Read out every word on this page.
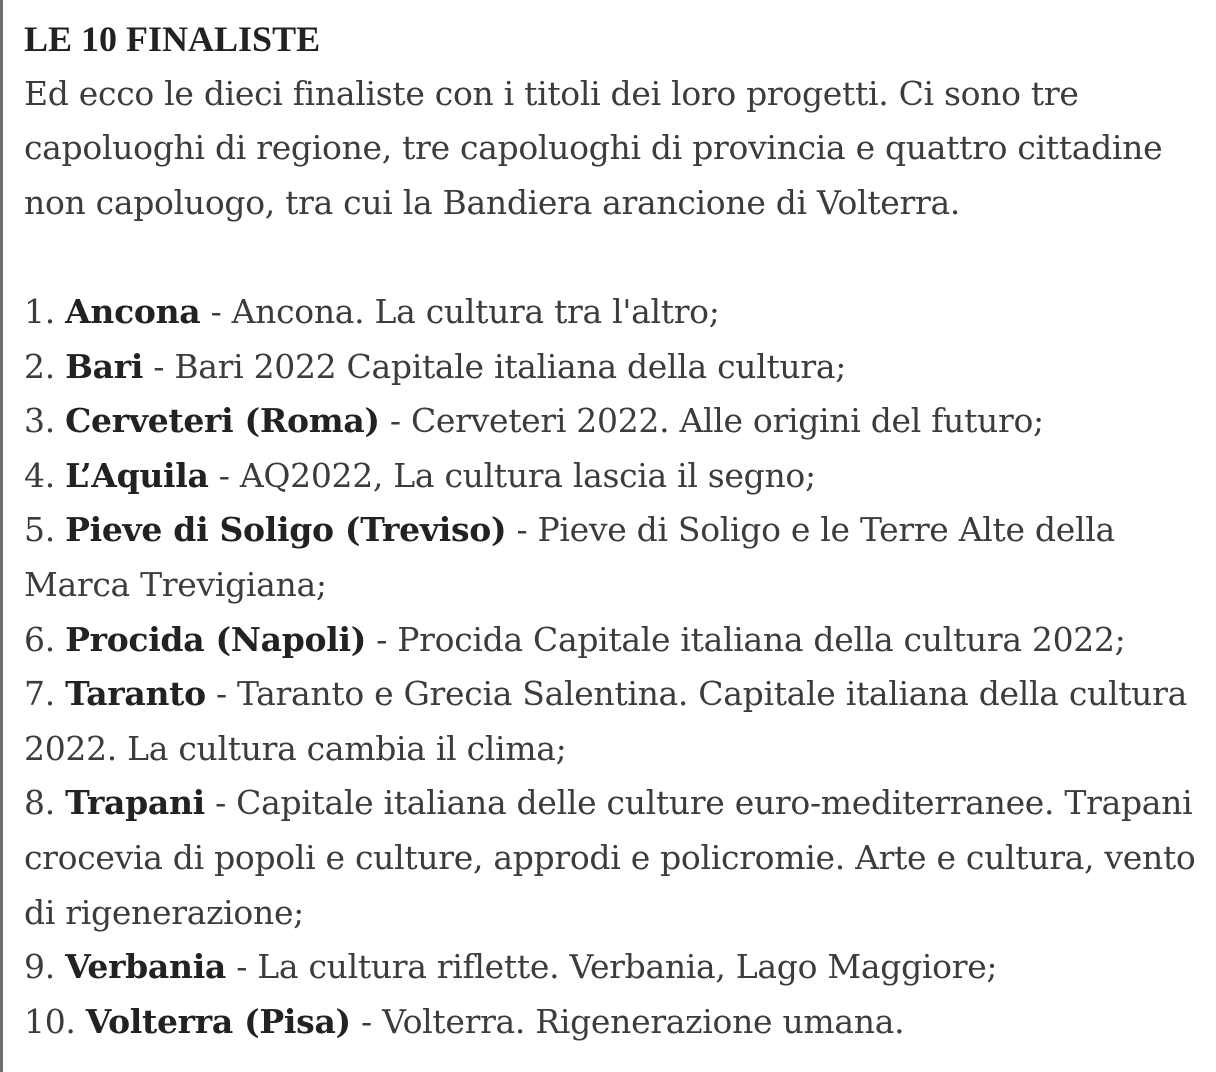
LE 10 FINALISTE

Ed ecco le dieci finaliste con i titoli dei loro progetti. Ci sono tre capoluoghi di regione, tre capoluoghi di provincia e quattro cittadine non capoluogo, tra cui la Bandiera arancione di Volterra.

1. Ancona - Ancona. La cultura tra l'altro;
2. Bari - Bari 2022 Capitale italiana della cultura;
3. Cerveteri (Roma) - Cerveteri 2022. Alle origini del futuro;
4. L’Aquila - AQ2022, La cultura lascia il segno;
5. Pieve di Soligo (Treviso) - Pieve di Soligo e le Terre Alte della Marca Trevigiana;
6. Procida (Napoli) - Procida Capitale italiana della cultura 2022;
7. Taranto - Taranto e Grecia Salentina. Capitale italiana della cultura 2022. La cultura cambia il clima;
8. Trapani - Capitale italiana delle culture euro-mediterranee. Trapani crocevia di popoli e culture, approdi e policromie. Arte e cultura, vento di rigenerazione;
9. Verbania - La cultura riflette. Verbania, Lago Maggiore;
10. Volterra (Pisa) - Volterra. Rigenerazione umana.
